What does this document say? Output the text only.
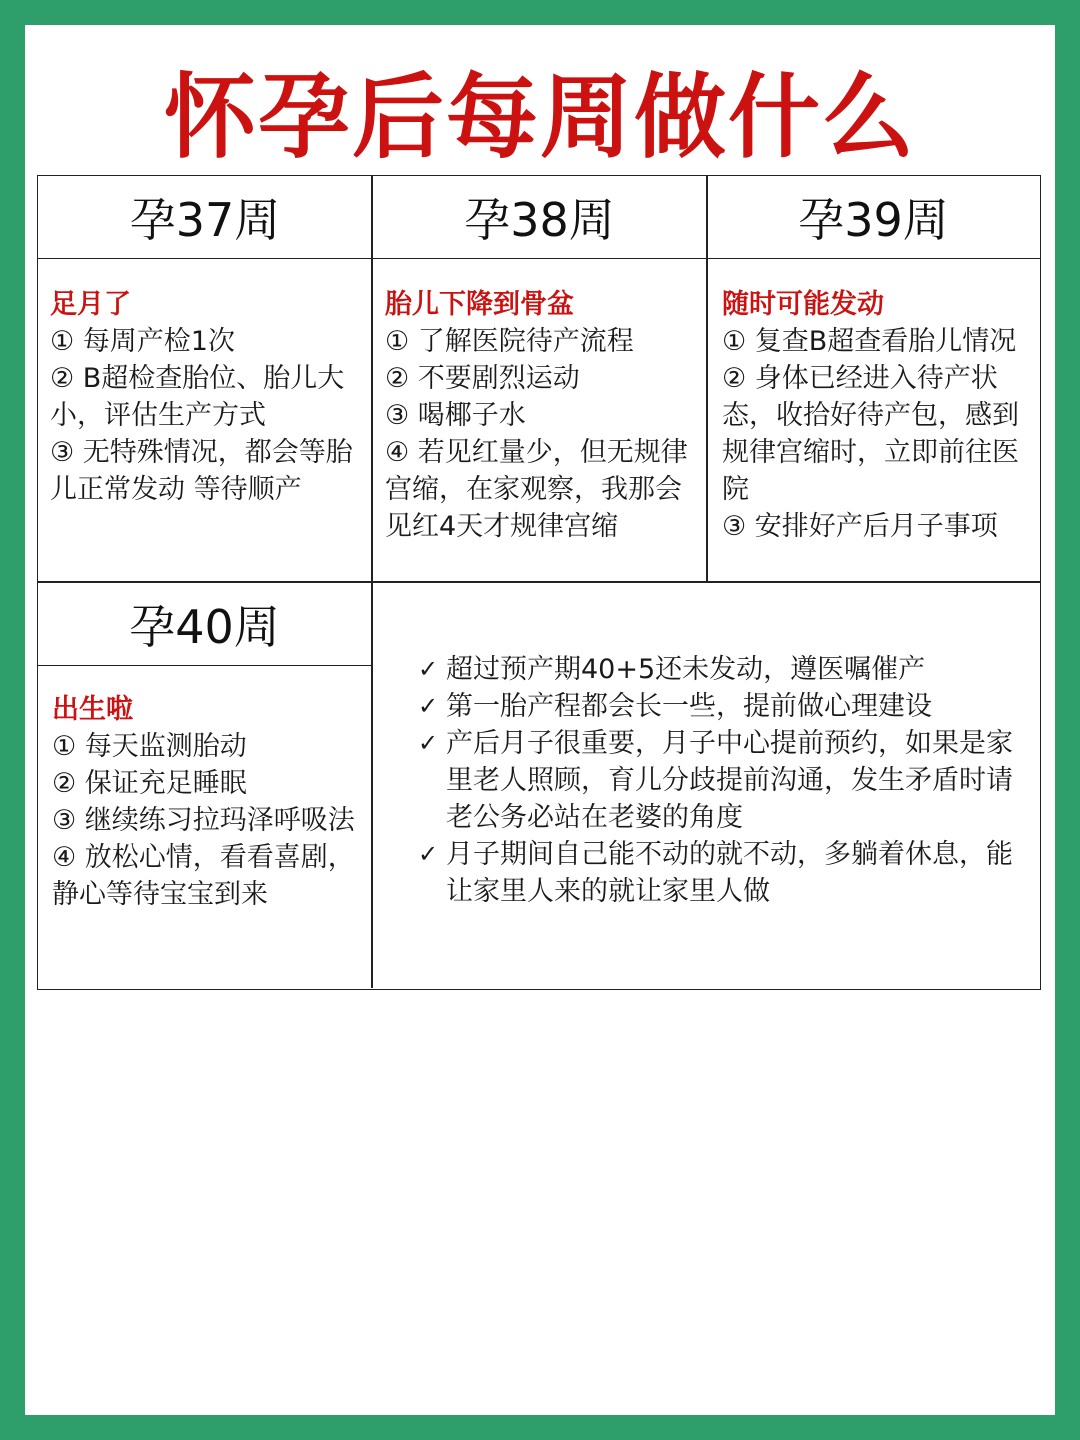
怀孕后每周做什么
孕37周	孕38周	孕39周
足月了
① 每周产检1次
② B超检查胎位、胎儿大小，评估生产方式
③ 无特殊情况，都会等胎儿正常发动 等待顺产
胎儿下降到骨盆
① 了解医院待产流程
② 不要剧烈运动
③ 喝椰子水
④ 若见红量少，但无规律宫缩，在家观察，我那会见红4天才规律宫缩
随时可能发动
① 复查B超查看胎儿情况
② 身体已经进入待产状态，收拾好待产包，感到规律宫缩时，立即前往医院
③ 安排好产后月子事项
孕40周
出生啦
① 每天监测胎动
② 保证充足睡眠
③ 继续练习拉玛泽呼吸法
④ 放松心情，看看喜剧，静心等待宝宝到来
✓ 超过预产期40+5还未发动，遵医嘱催产
✓ 第一胎产程都会长一些，提前做心理建设
✓ 产后月子很重要，月子中心提前预约，如果是家里老人照顾，育儿分歧提前沟通，发生矛盾时请老公务必站在老婆的角度
✓ 月子期间自己能不动的就不动，多躺着休息，能让家里人来的就让家里人做
